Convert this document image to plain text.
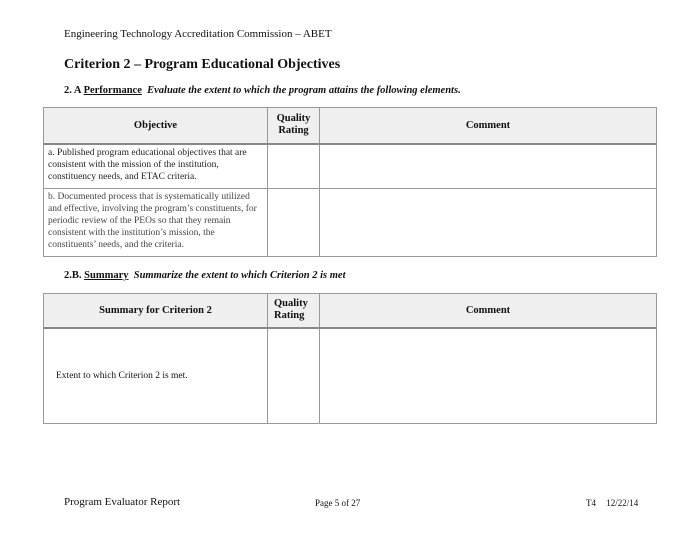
Engineering Technology Accreditation Commission – ABET
Criterion 2 – Program Educational Objectives
2. A Performance  Evaluate the extent to which the program attains the following elements.
Objective	Quality Rating	Comment
a. Published program educational objectives that are consistent with the mission of the institution, constituency needs, and ETAC criteria.		
b. Documented process that is systematically utilized and effective, involving the program’s constituents, for periodic review of the PEOs so that they remain consistent with the institution’s mission, the constituents’ needs, and the criteria.		
2.B. Summary  Summarize the extent to which Criterion 2 is met
Summary for Criterion 2	Quality Rating	Comment
Extent to which Criterion 2 is met.		
Program Evaluator Report	Page 5 of 27	T4 12/22/14
